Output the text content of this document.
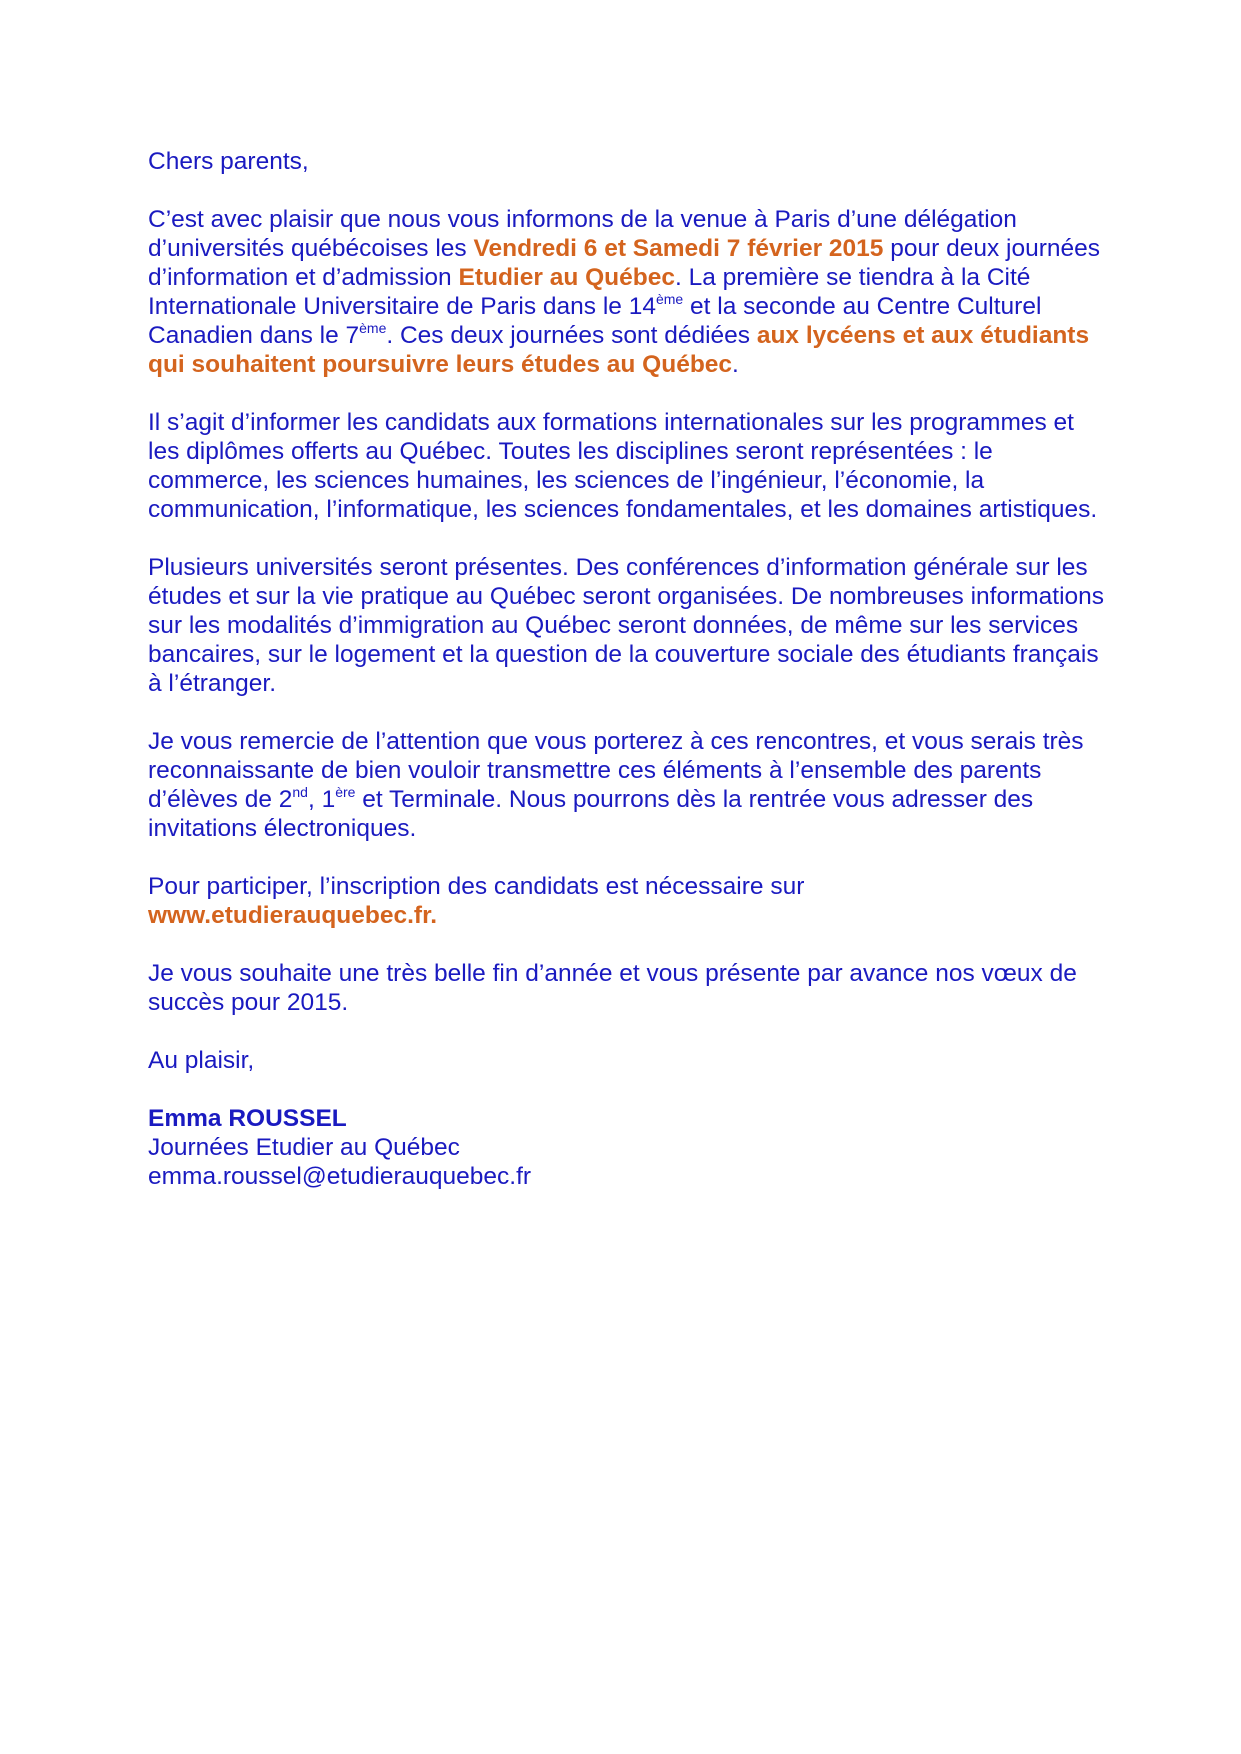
Chers parents,

C’est avec plaisir que nous vous informons de la venue à Paris d’une délégation d’universités québécoises les Vendredi 6 et Samedi 7 février 2015 pour deux journées d’information et d’admission Etudier au Québec. La première se tiendra à la Cité Internationale Universitaire de Paris dans le 14ème et la seconde au Centre Culturel Canadien dans le 7ème. Ces deux journées sont dédiées aux lycéens et aux étudiants qui souhaitent poursuivre leurs études au Québec.

Il s’agit d’informer les candidats aux formations internationales sur les programmes et les diplômes offerts au Québec. Toutes les disciplines seront représentées : le commerce, les sciences humaines, les sciences de l’ingénieur, l’économie, la communication, l’informatique, les sciences fondamentales, et les domaines artistiques.

Plusieurs universités seront présentes. Des conférences d’information générale sur les études et sur la vie pratique au Québec seront organisées. De nombreuses informations sur les modalités d’immigration au Québec seront données, de même sur les services bancaires, sur le logement et la question de la couverture sociale des étudiants français à l’étranger.

Je vous remercie de l’attention que vous porterez à ces rencontres, et vous serais très reconnaissante de bien vouloir transmettre ces éléments à l’ensemble des parents d’élèves de 2nd, 1ère et Terminale. Nous pourrons dès la rentrée vous adresser des invitations électroniques.

Pour participer, l’inscription des candidats est nécessaire sur
www.etudierauquebec.fr.

Je vous souhaite une très belle fin d’année et vous présente par avance nos vœux de succès pour 2015.

Au plaisir,

Emma ROUSSEL
Journées Etudier au Québec
emma.roussel@etudierauquebec.fr
